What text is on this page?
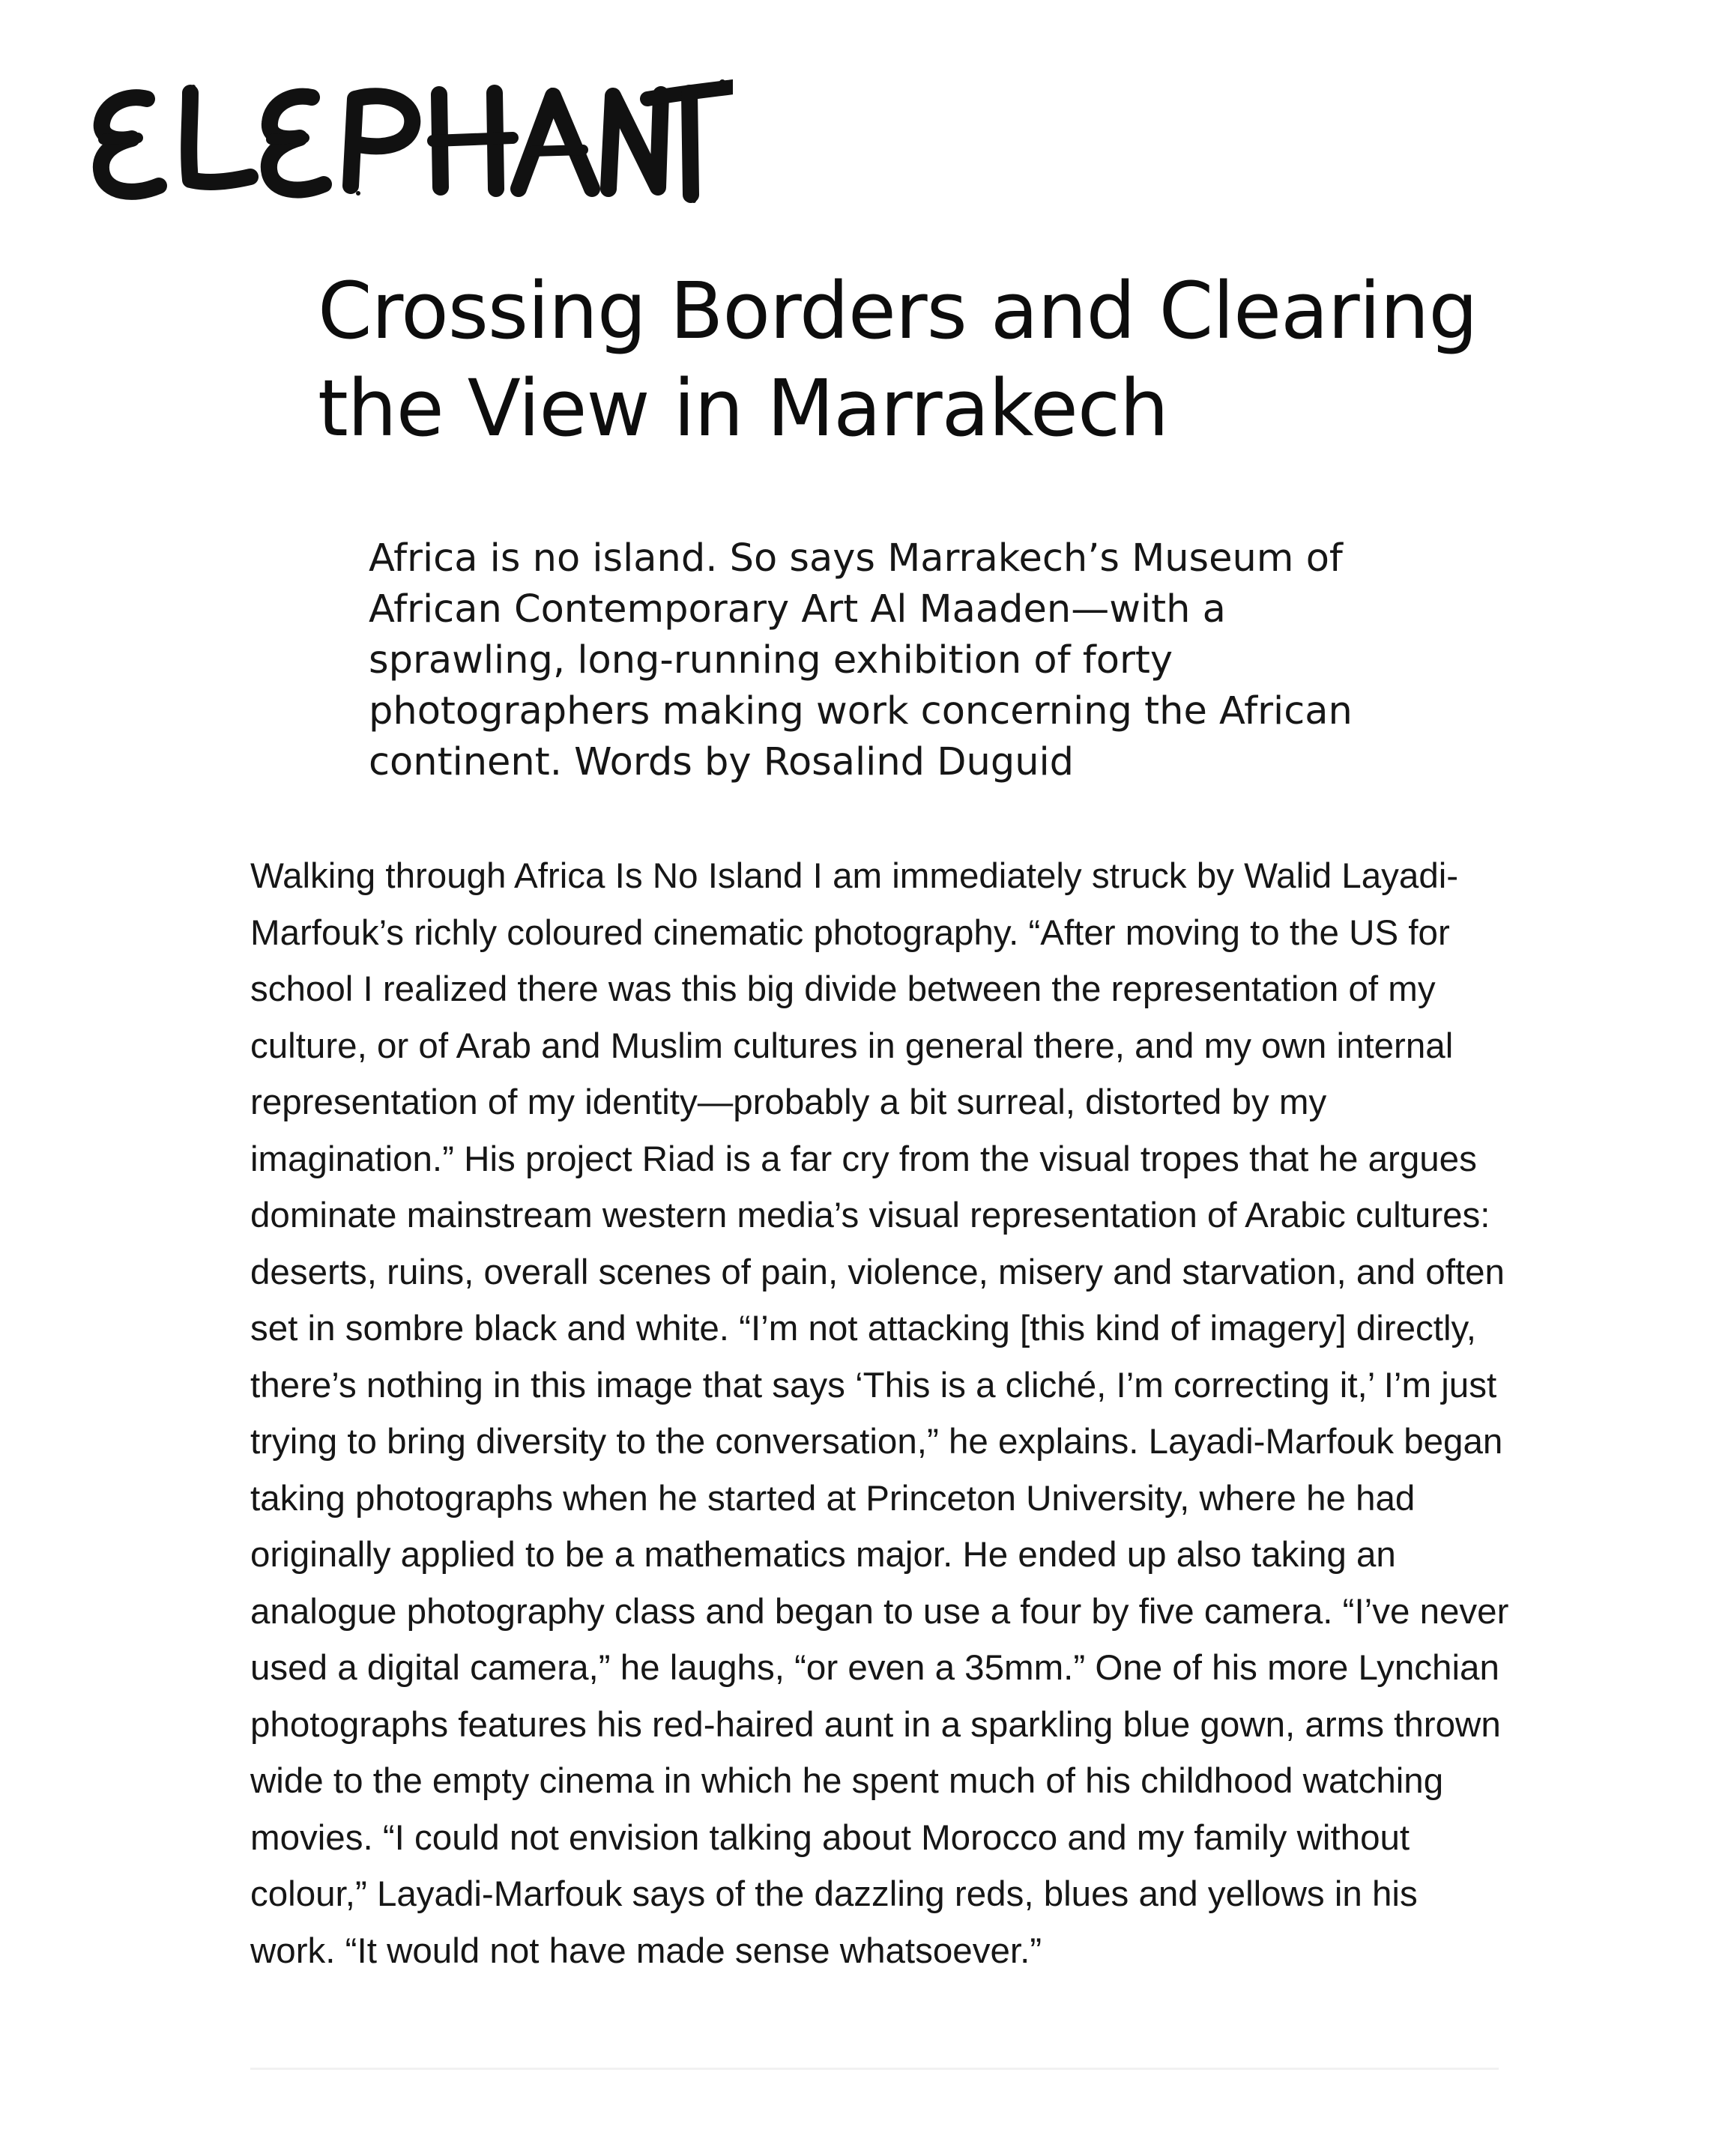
Crossing Borders and Clearing the View in Marrakech

Africa is no island. So says Marrakech’s Museum of African Contemporary Art Al Maaden—with a sprawling, long-running exhibition of forty photographers making work concerning the African continent. Words by Rosalind Duguid

Walking through Africa Is No Island I am immediately struck by Walid Layadi-Marfouk’s richly coloured cinematic photography. “After moving to the US for school I realized there was this big divide between the representation of my culture, or of Arab and Muslim cultures in general there, and my own internal representation of my identity—probably a bit surreal, distorted by my imagination.” His project Riad is a far cry from the visual tropes that he argues dominate mainstream western media’s visual representation of Arabic cultures: deserts, ruins, overall scenes of pain, violence, misery and starvation, and often set in sombre black and white. “I’m not attacking [this kind of imagery] directly, there’s nothing in this image that says ‘This is a cliché, I’m correcting it,’ I’m just trying to bring diversity to the conversation,” he explains. Layadi-Marfouk began taking photographs when he started at Princeton University, where he had originally applied to be a mathematics major. He ended up also taking an analogue photography class and began to use a four by five camera. “I’ve never used a digital camera,” he laughs, “or even a 35mm.” One of his more Lynchian photographs features his red-haired aunt in a sparkling blue gown, arms thrown wide to the empty cinema in which he spent much of his childhood watching movies. “I could not envision talking about Morocco and my family without colour,” Layadi-Marfouk says of the dazzling reds, blues and yellows in his work. “It would not have made sense whatsoever.”
